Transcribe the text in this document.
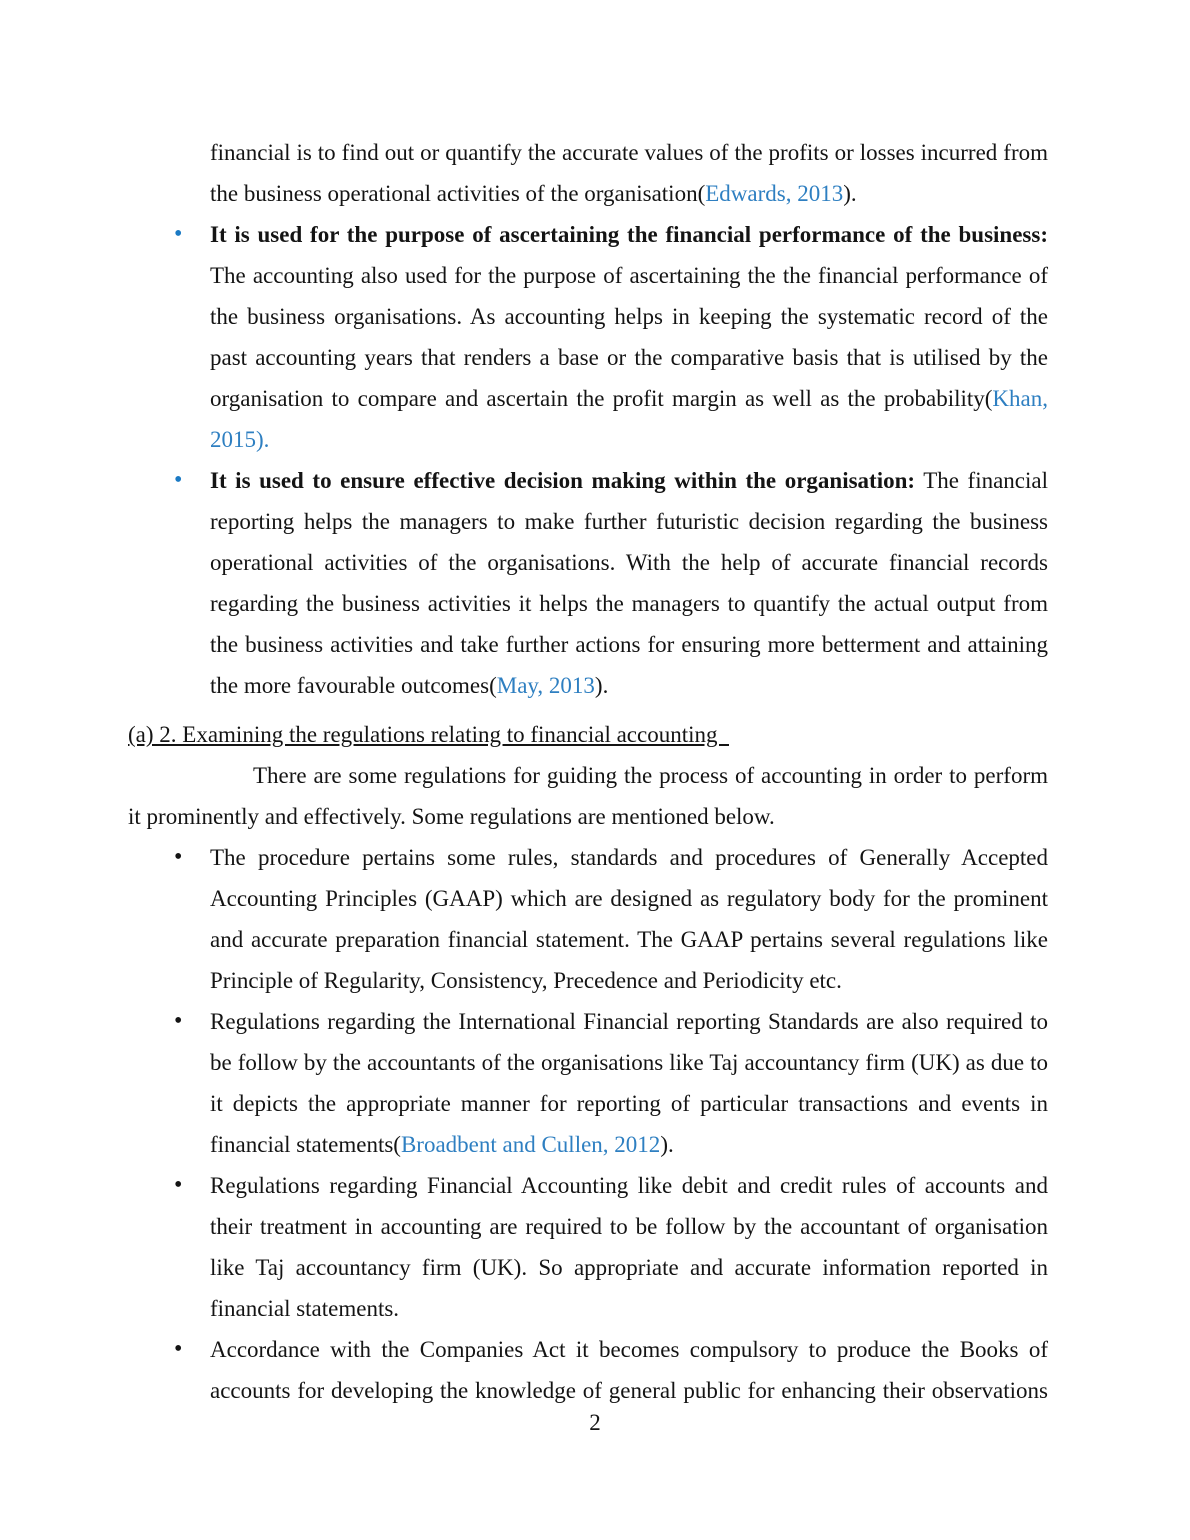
financial is to find out or quantify the accurate values of the profits or losses incurred from the business operational activities of the organisation(Edwards, 2013).

• It is used for the purpose of ascertaining the financial performance of the business: The accounting also used for the purpose of ascertaining the the financial performance of the business organisations. As accounting helps in keeping the systematic record of the past accounting years that renders a base or the comparative basis that is utilised by the organisation to compare and ascertain the profit margin as well as the probability(Khan, 2015).

• It is used to ensure effective decision making within the organisation: The financial reporting helps the managers to make further futuristic decision regarding the business operational activities of the organisations. With the help of accurate financial records regarding the business activities it helps the managers to quantify the actual output from the business activities and take further actions for ensuring more betterment and attaining the more favourable outcomes(May, 2013).

(a) 2. Examining the regulations relating to financial accounting

There are some regulations for guiding the process of accounting in order to perform it prominently and effectively. Some regulations are mentioned below.

• The procedure pertains some rules, standards and procedures of Generally Accepted Accounting Principles (GAAP) which are designed as regulatory body for the prominent and accurate preparation financial statement. The GAAP pertains several regulations like Principle of Regularity, Consistency, Precedence and Periodicity etc.

• Regulations regarding the International Financial reporting Standards are also required to be follow by the accountants of the organisations like Taj accountancy firm (UK) as due to it depicts the appropriate manner for reporting of particular transactions and events in financial statements(Broadbent and Cullen, 2012).

• Regulations regarding Financial Accounting like debit and credit rules of accounts and their treatment in accounting are required to be follow by the accountant of organisation like Taj accountancy firm (UK). So appropriate and accurate information reported in financial statements.

• Accordance with the Companies Act it becomes compulsory to produce the Books of accounts for developing the knowledge of general public for enhancing their observations

2
